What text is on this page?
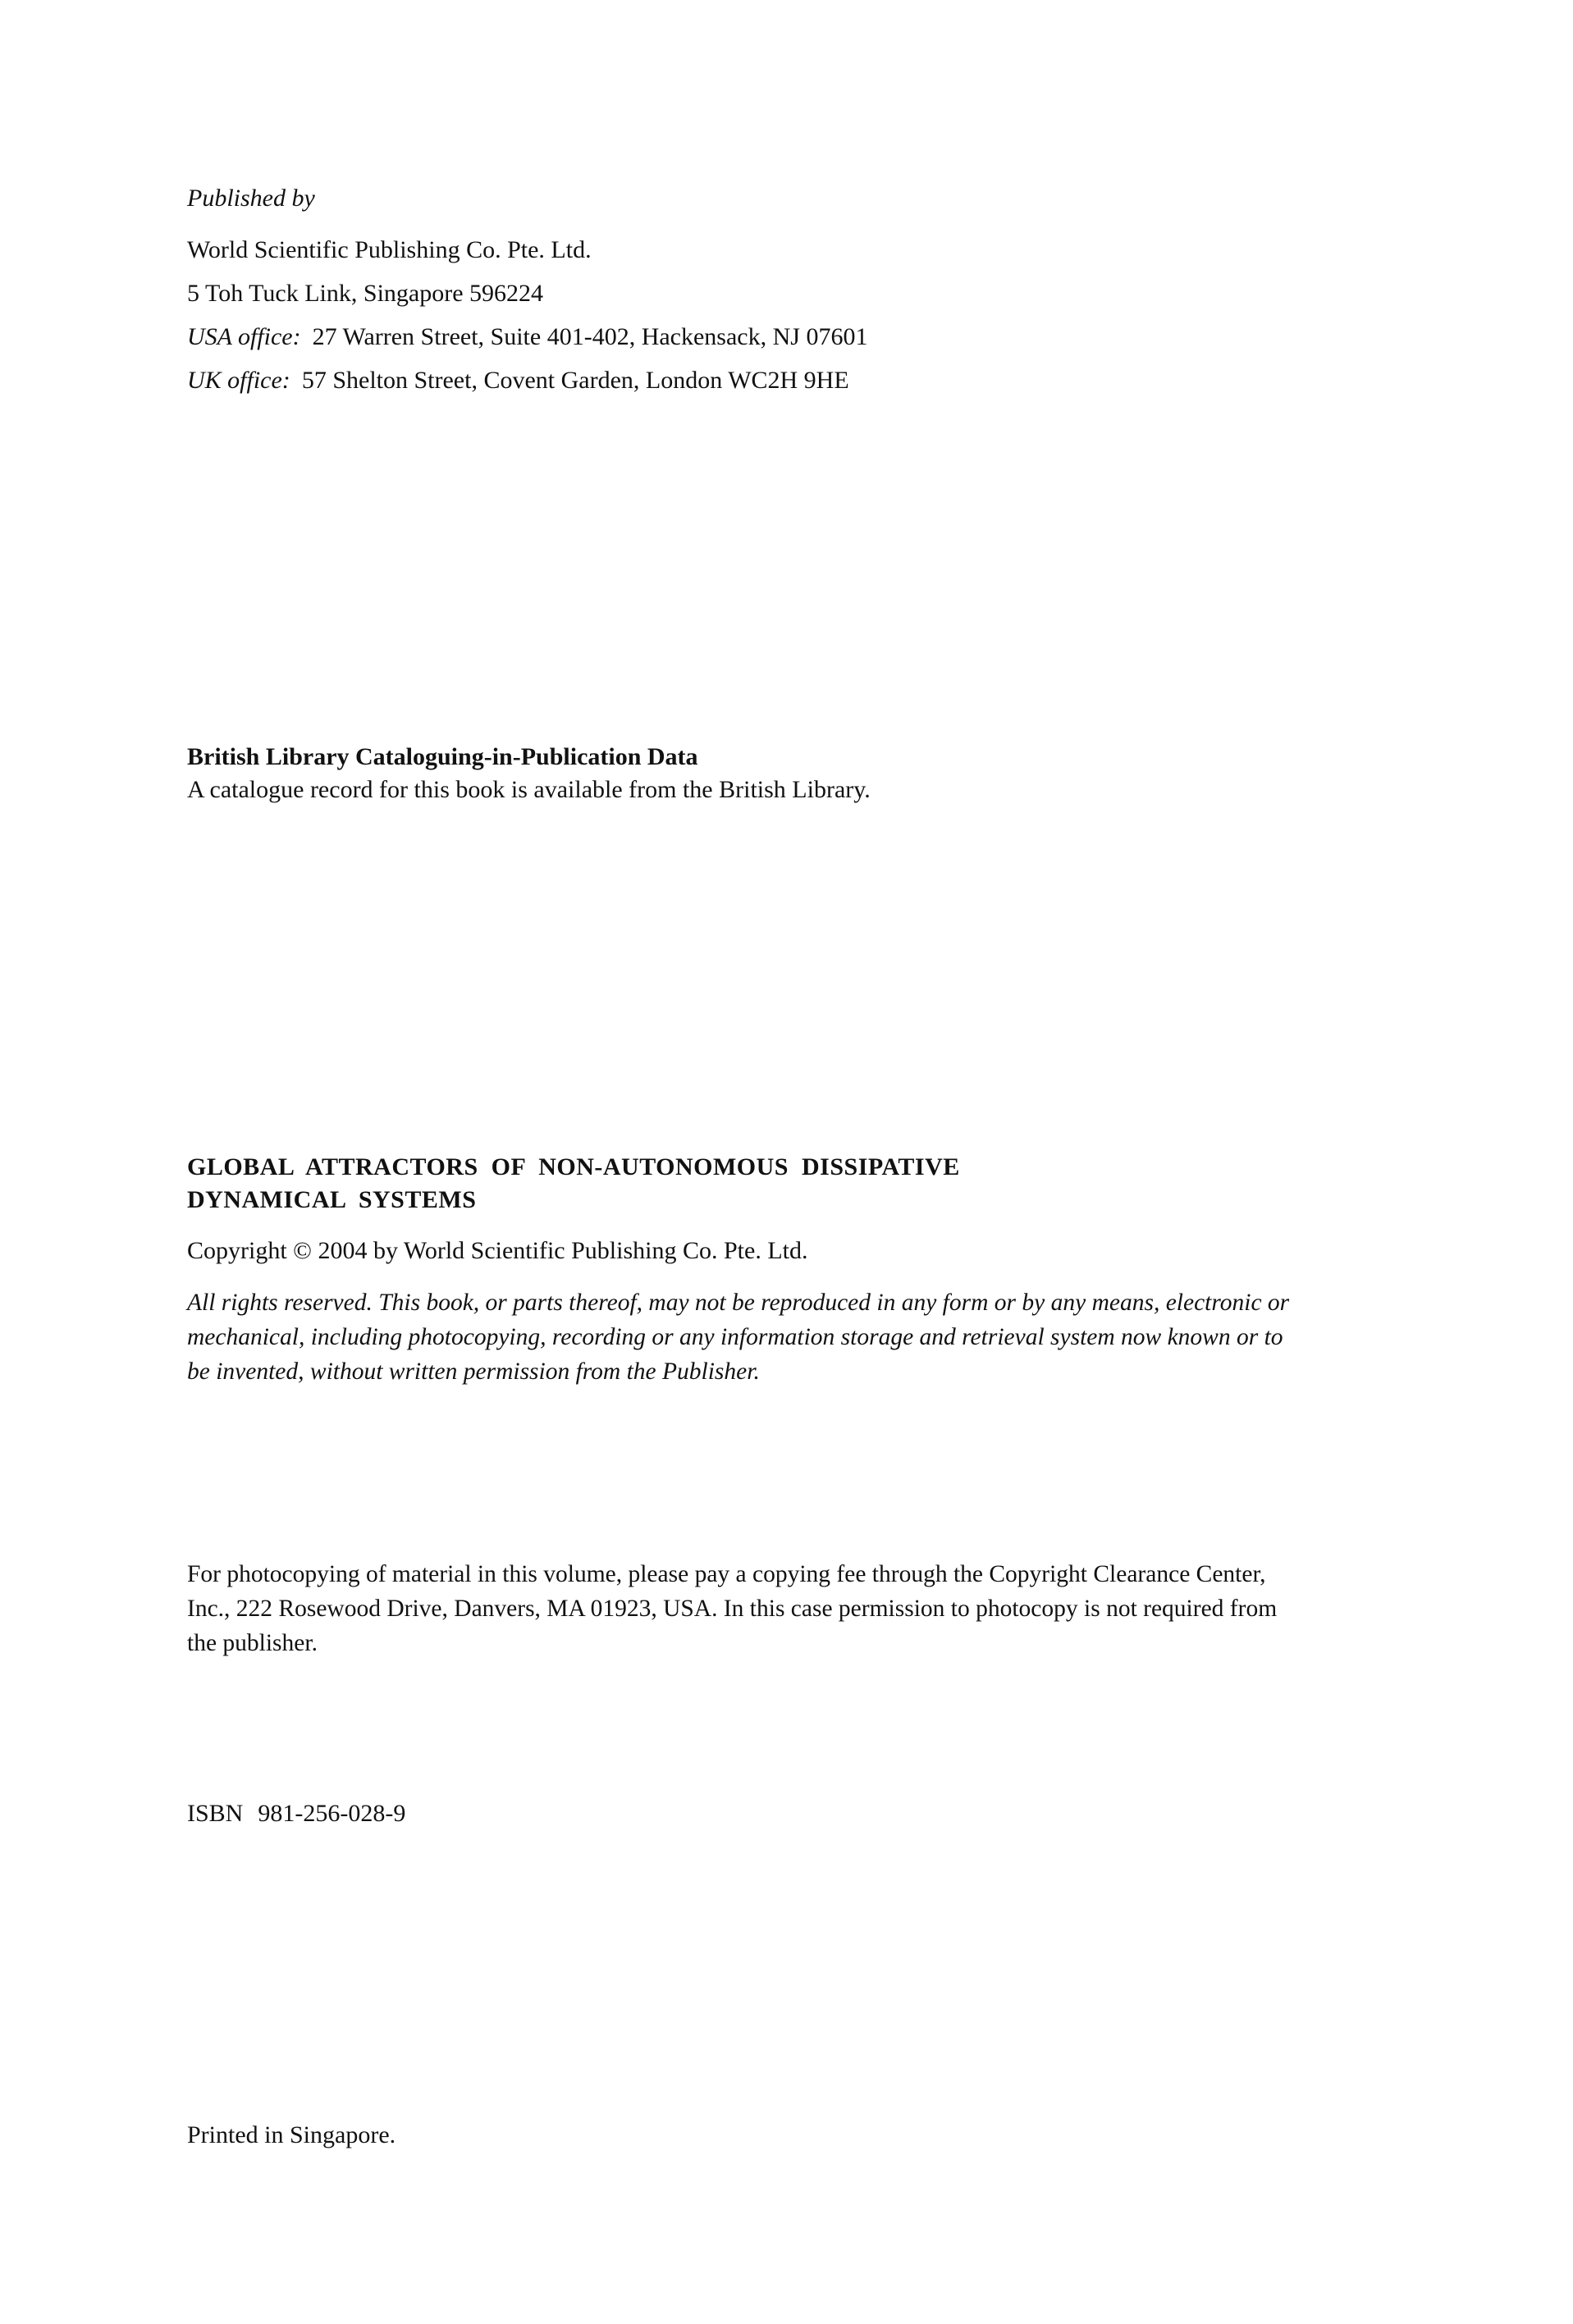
Published by
World Scientific Publishing Co. Pte. Ltd.
5 Toh Tuck Link, Singapore 596224
USA office: 27 Warren Street, Suite 401-402, Hackensack, NJ 07601
UK office: 57 Shelton Street, Covent Garden, London WC2H 9HE
British Library Cataloguing-in-Publication Data
A catalogue record for this book is available from the British Library.
GLOBAL ATTRACTORS OF NON-AUTONOMOUS DISSIPATIVE
DYNAMICAL SYSTEMS
Copyright © 2004 by World Scientific Publishing Co. Pte. Ltd.
All rights reserved. This book, or parts thereof, may not be reproduced in any form or by any means, electronic or
mechanical, including photocopying, recording or any information storage and retrieval system now known or to
be invented, without written permission from the Publisher.
For photocopying of material in this volume, please pay a copying fee through the Copyright Clearance Center,
Inc., 222 Rosewood Drive, Danvers, MA 01923, USA. In this case permission to photocopy is not required from
the publisher.
ISBN 981-256-028-9
Printed in Singapore.
